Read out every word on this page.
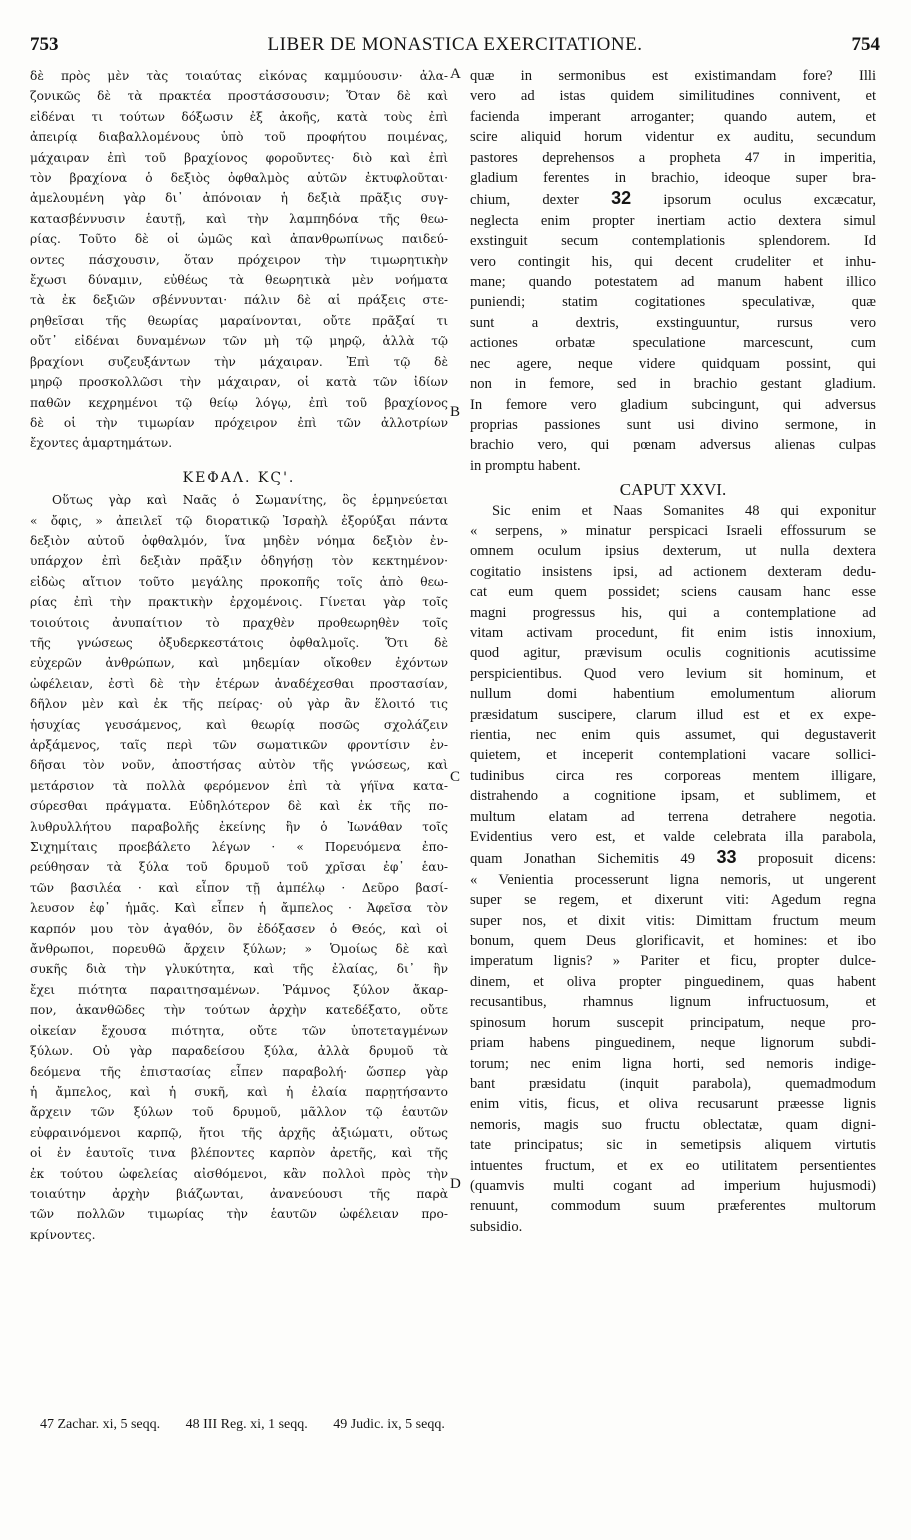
753	LIBER DE MONASTICA EXERCITATIONE.	754

δὲ πρὸς μὲν τὰς τοιαύτας εἰκόνας καμμύουσιν· ἀλα-

ζονικῶς δὲ τὰ πρακτέα προστάσσουσιν; Ὅταν δὲ καὶ

εἰδέναι τι τούτων δόξωσιν ἐξ ἀκοῆς, κατὰ τοὺς ἐπὶ

ἀπειρίᾳ διαβαλλομένους ὑπὸ τοῦ προφήτου ποιμένας,

μάχαιραν ἐπὶ τοῦ βραχίονος φοροῦντες· διὸ καὶ ἐπὶ

τὸν βραχίονα ὁ δεξιὸς ὀφθαλμὸς αὐτῶν ἐκτυφλοῦται·

ἀμελουμένη γὰρ δι᾽ ἀπόνοιαν ἡ δεξιὰ πρᾶξις συγ-

κατασβέννυσιν ἑαυτῇ, καὶ τὴν λαμπηδόνα τῆς θεω-

ρίας. Τοῦτο δὲ οἱ ὠμῶς καὶ ἀπανθρωπίνως παιδεύ-

οντες πάσχουσιν, ὅταν πρόχειρον τὴν τιμωρητικὴν

ἔχωσι δύναμιν, εὐθέως τὰ θεωρητικὰ μὲν νοήματα

τὰ ἐκ δεξιῶν σβέννυνται· πάλιν δὲ αἱ πράξεις στε-

ρηθεῖσαι τῆς θεωρίας μαραίνονται, οὔτε πρᾶξαί τι

οὔτ᾽ εἰδέναι δυναμένων τῶν μὴ τῷ μηρῷ, ἀλλὰ τῷ

βραχίονι συζευξάντων τὴν μάχαιραν. Ἐπὶ τῷ δὲ

μηρῷ προσκολλῶσι τὴν μάχαιραν, οἱ κατὰ τῶν ἰδίων

παθῶν κεχρημένοι τῷ θείῳ λόγῳ, ἐπὶ τοῦ βραχίονος

δὲ οἱ τὴν τιμωρίαν πρόχειρον ἐπὶ τῶν ἀλλοτρίων

ἔχοντες ἁμαρτημάτων.

ΚΕΦΑΛ. ΚϚ'.

Οὕτως γὰρ καὶ Ναᾶς ὁ Σωμανίτης, ὃς ἑρμηνεύεται

« ὄφις, » ἀπειλεῖ τῷ διορατικῷ Ἰσραὴλ ἐξορύξαι πάντα

δεξιὸν αὐτοῦ ὀφθαλμόν, ἵνα μηδὲν νόημα δεξιὸν ἐν-

υπάρχον ἐπὶ δεξιὰν πρᾶξιν ὁδηγήσῃ τὸν κεκτημένον·

εἰδὼς αἴτιον τοῦτο μεγάλης προκοπῆς τοῖς ἀπὸ θεω-

ρίας ἐπὶ τὴν πρακτικὴν ἐρχομένοις. Γίνεται γὰρ τοῖς

τοιούτοις ἀνυπαίτιον τὸ πραχθὲν προθεωρηθὲν τοῖς

τῆς γνώσεως ὀξυδερκεστάτοις ὀφθαλμοῖς. Ὅτι δὲ

εὐχερῶν ἀνθρώπων, καὶ μηδεμίαν οἴκοθεν ἐχόντων

ὠφέλειαν, ἐστὶ δὲ τὴν ἑτέρων ἀναδέχεσθαι προστασίαν,

δῆλον μὲν καὶ ἐκ τῆς πείρας· οὐ γὰρ ἂν ἕλοιτό τις

ἡσυχίας γευσάμενος, καὶ θεωρίᾳ ποσῶς σχολάζειν

ἀρξάμενος, ταῖς περὶ τῶν σωματικῶν φροντίσιν ἐν-

δῆσαι τὸν νοῦν, ἀποστήσας αὐτὸν τῆς γνώσεως, καὶ

μετάρσιον τὰ πολλὰ φερόμενον ἐπὶ τὰ γήϊνα κατα-

σύρεσθαι πράγματα. Εὐδηλότερον δὲ καὶ ἐκ τῆς πο-

λυθρυλλήτου παραβολῆς ἐκείνης ἣν ὁ Ἰωνάθαν τοῖς

Σιχημίταις προεβάλετο λέγων · « Πορευόμενα ἐπο-

ρεύθησαν τὰ ξύλα τοῦ δρυμοῦ τοῦ χρῖσαι ἐφ᾽ ἑαυ-

τῶν βασιλέα · καὶ εἶπον τῇ ἀμπέλῳ · Δεῦρο βασί-

λευσον ἐφ᾽ ἡμᾶς. Καὶ εἶπεν ἡ ἄμπελος · Ἀφεῖσα τὸν

καρπόν μου τὸν ἀγαθόν, ὃν ἐδόξασεν ὁ Θεός, καὶ οἱ

ἄνθρωποι, πορευθῶ ἄρχειν ξύλων; » Ὁμοίως δὲ καὶ

συκῆς διὰ τὴν γλυκύτητα, καὶ τῆς ἐλαίας, δι᾽ ἣν

ἔχει πιότητα παραιτησαμένων. Ῥάμνος ξύλον ἄκαρ-

πον, ἀκανθῶδες τὴν τούτων ἀρχὴν κατεδέξατο, οὔτε

οἰκείαν ἔχουσα πιότητα, οὔτε τῶν ὑποτεταγμένων

ξύλων. Οὐ γὰρ παραδείσου ξύλα, ἀλλὰ δρυμοῦ τὰ

δεόμενα τῆς ἐπιστασίας εἶπεν παραβολή· ὥσπερ γὰρ

ἡ ἄμπελος, καὶ ἡ συκῆ, καὶ ἡ ἐλαία παρῃτήσαντο

ἄρχειν τῶν ξύλων τοῦ δρυμοῦ, μᾶλλον τῷ ἑαυτῶν

εὐφραινόμενοι καρπῷ, ἤτοι τῆς ἀρχῆς ἀξιώματι, οὕτως

οἱ ἐν ἑαυτοῖς τινα βλέποντες καρπὸν ἀρετῆς, καὶ τῆς

ἐκ τούτου ὠφελείας αἰσθόμενοι, κἂν πολλοὶ πρὸς τὴν

τοιαύτην ἀρχὴν βιάζωνται, ἀνανεύουσι τῆς παρὰ

τῶν πολλῶν τιμωρίας τὴν ἑαυτῶν ὠφέλειαν προ-

κρίνοντες.

quæ in sermonibus est existimandam fore? Illi

vero ad istas quidem similitudines connivent, et

facienda imperant arroganter; quando autem, et

scire aliquid horum videntur ex auditu, secundum

pastores deprehensos a propheta 47 in imperitia,

gladium ferentes in brachio, ideoque super bra-

chium, dexter 32 ipsorum oculus excæcatur,

neglecta enim propter inertiam actio dextera simul

exstinguit secum contemplationis splendorem. Id

vero contingit his, qui decent crudeliter et inhu-

mane; quando potestatem ad manum habent illico

puniendi; statim cogitationes speculativæ, quæ

sunt a dextris, exstinguuntur, rursus vero

actiones orbatæ speculatione marcescunt, cum

nec agere, neque videre quidquam possint, qui

non in femore, sed in brachio gestant gladium.

In femore vero gladium subcingunt, qui adversus

proprias passiones sunt usi divino sermone, in

brachio vero, qui pœnam adversus alienas culpas

in promptu habent.

CAPUT XXVI.

Sic enim et Naas Somanites 48 qui exponitur

« serpens, » minatur perspicaci Israeli effossurum se

omnem oculum ipsius dexterum, ut nulla dextera

cogitatio insistens ipsi, ad actionem dexteram dedu-

cat eum quem possidet; sciens causam hanc esse

magni progressus his, qui a contemplatione ad

vitam activam procedunt, fit enim istis innoxium,

quod agitur, prævisum oculis cognitionis acutissime

perspicientibus. Quod vero levium sit hominum, et

nullum domi habentium emolumentum aliorum

præsidatum suscipere, clarum illud est et ex expe-

rientia, nec enim quis assumet, qui degustaverit

quietem, et inceperit contemplationi vacare sollici-

tudinibus circa res corporeas mentem illigare,

distrahendo a cognitione ipsam, et sublimem, et

multum elatam ad terrena detrahere negotia.

Evidentius vero est, et valde celebrata illa parabola,

quam Jonathan Sichemitis 49 33 proposuit dicens:

« Venientia processerunt ligna nemoris, ut ungerent

super se regem, et dixerunt viti: Agedum regna

super nos, et dixit vitis: Dimittam fructum meum

bonum, quem Deus glorificavit, et homines: et ibo

imperatum lignis? » Pariter et ficu, propter dulce-

dinem, et oliva propter pinguedinem, quas habent

recusantibus, rhamnus lignum infructuosum, et

spinosum horum suscepit principatum, neque pro-

priam habens pinguedinem, neque lignorum subdi-

torum; nec enim ligna horti, sed nemoris indige-

bant præsidatu (inquit parabola), quemadmodum

enim vitis, ficus, et oliva recusarunt præesse lignis

nemoris, magis suo fructu oblectatæ, quam digni-

tate principatus; sic in semetipsis aliquem virtutis

intuentes fructum, et ex eo utilitatem persentientes

(quamvis multi cogant ad imperium hujusmodi)

renuunt, commodum suum præferentes multorum

subsidio.

A
B
C
D
47 Zachar. xi, 5 seqq. 48 III Reg. xi, 1 seqq. 49 Judic. ix, 5 seqq.
